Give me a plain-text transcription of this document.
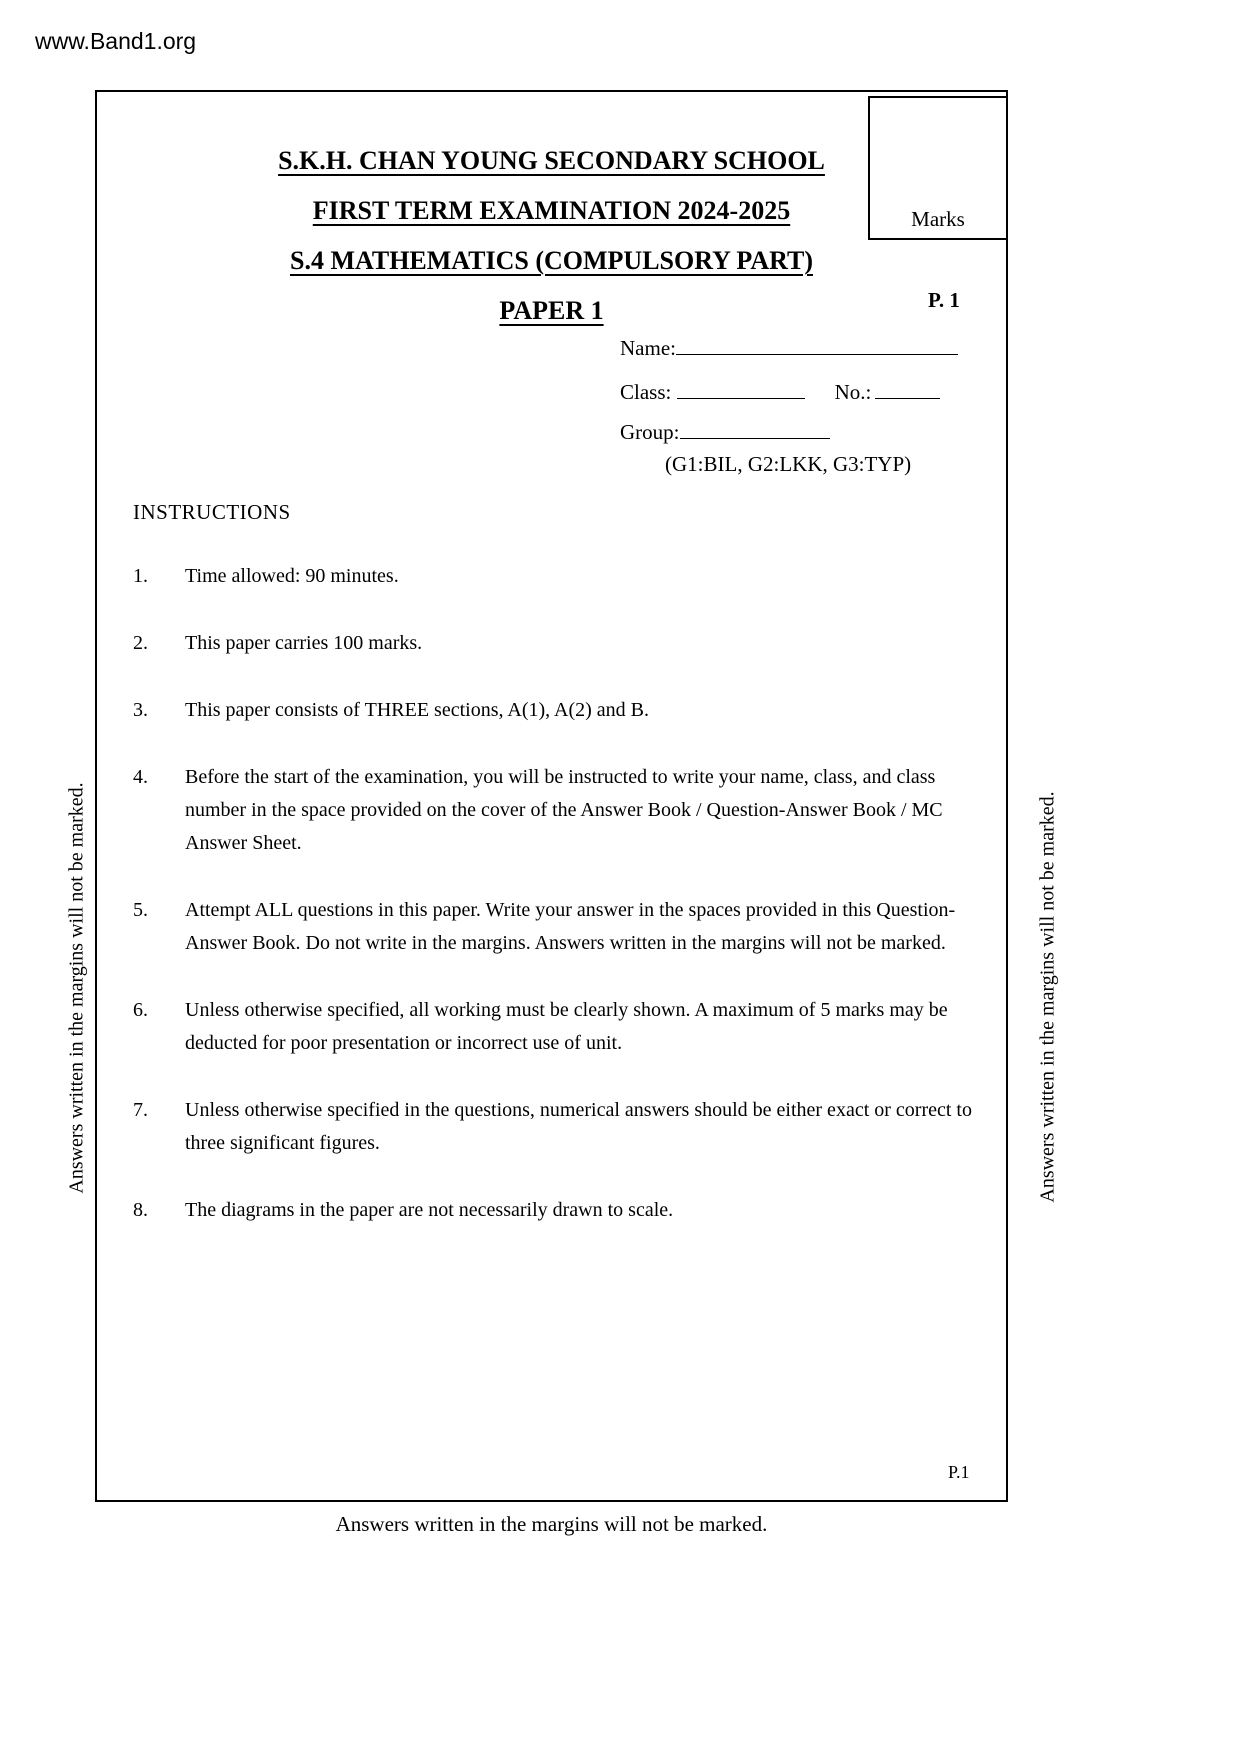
www.Band1.org
Marks
S.K.H. CHAN YOUNG SECONDARY SCHOOL
FIRST TERM EXAMINATION 2024-2025
S.4 MATHEMATICS (COMPULSORY PART)
PAPER 1	P. 1
Name:
Class:	No.:
Group:
(G1:BIL, G2:LKK, G3:TYP)
INSTRUCTIONS
1.	Time allowed: 90 minutes.
2.	This paper carries 100 marks.
3.	This paper consists of THREE sections, A(1), A(2) and B.
4.	Before the start of the examination, you will be instructed to write your name, class, and class number in the space provided on the cover of the Answer Book / Question-Answer Book / MC Answer Sheet.
5.	Attempt ALL questions in this paper. Write your answer in the spaces provided in this Question-Answer Book. Do not write in the margins. Answers written in the margins will not be marked.
6.	Unless otherwise specified, all working must be clearly shown. A maximum of 5 marks may be deducted for poor presentation or incorrect use of unit.
7.	Unless otherwise specified in the questions, numerical answers should be either exact or correct to three significant figures.
8.	The diagrams in the paper are not necessarily drawn to scale.
P.1
Answers written in the margins will not be marked.
Answers written in the margins will not be marked.	Answers written in the margins will not be marked.
